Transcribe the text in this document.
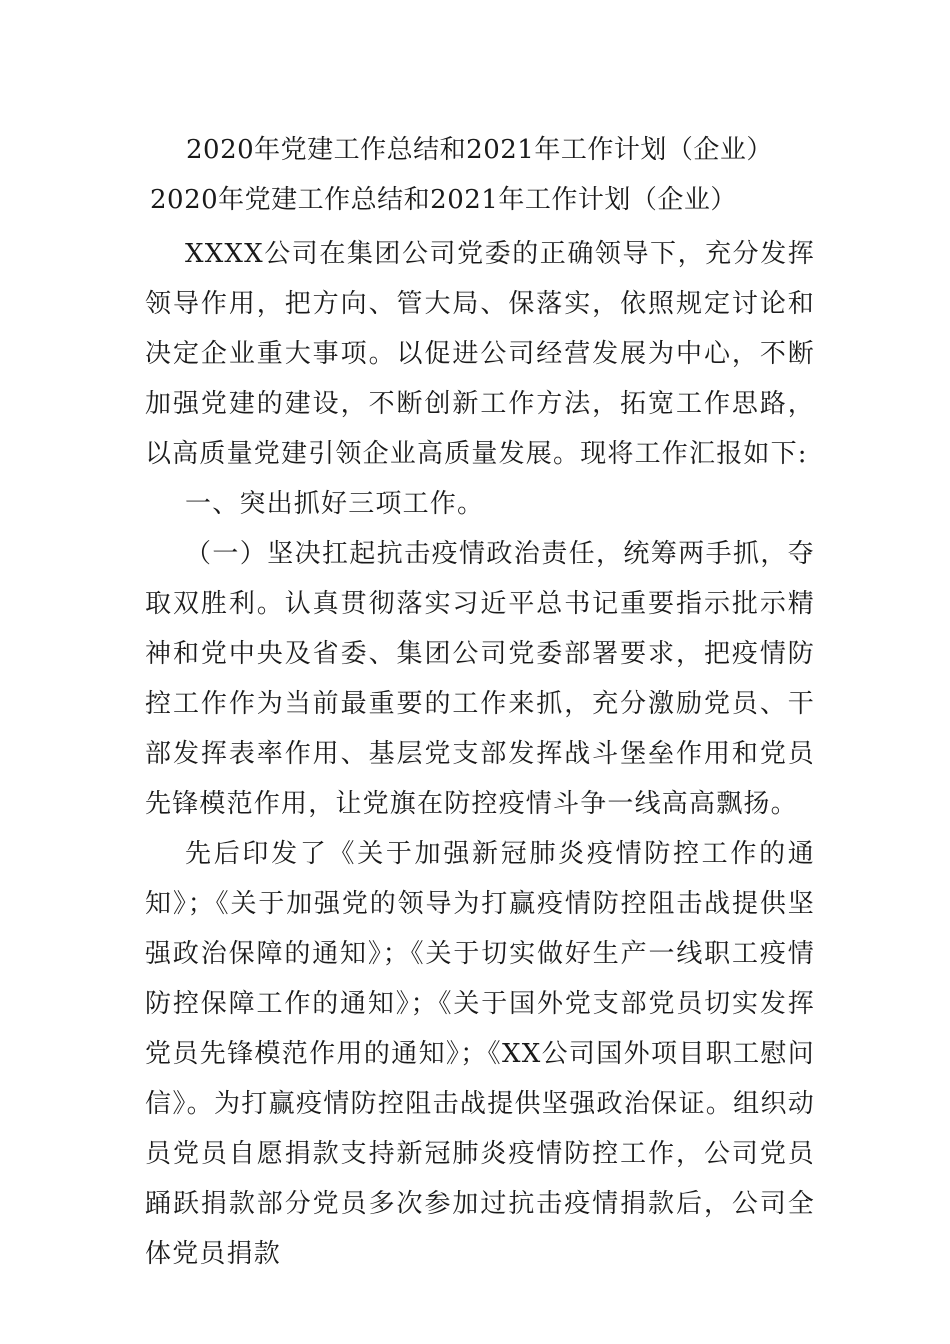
2020年党建工作总结和2021年工作计划（企业）
2020年党建工作总结和2021年工作计划（企业）

XXXX公司在集团公司党委的正确领导下，充分发挥领导作用，把方向、管大局、保落实，依照规定讨论和决定企业重大事项。以促进公司经营发展为中心，不断加强党建的建设，不断创新工作方法，拓宽工作思路，以高质量党建引领企业高质量发展。现将工作汇报如下:

一、突出抓好三项工作。

（一）坚决扛起抗击疫情政治责任，统筹两手抓，夺取双胜利。认真贯彻落实习近平总书记重要指示批示精神和党中央及省委、集团公司党委部署要求，把疫情防控工作作为当前最重要的工作来抓，充分激励党员、干部发挥表率作用、基层党支部发挥战斗堡垒作用和党员先锋模范作用，让党旗在防控疫情斗争一线高高飘扬。

先后印发了《关于加强新冠肺炎疫情防控工作的通知》；《关于加强党的领导为打赢疫情防控阻击战提供坚强政治保障的通知》；《关于切实做好生产一线职工疫情防控保障工作的通知》；《关于国外党支部党员切实发挥党员先锋模范作用的通知》；《XX公司国外项目职工慰问信》。为打赢疫情防控阻击战提供坚强政治保证。组织动员党员自愿捐款支持新冠肺炎疫情防控工作，公司党员踊跃捐款部分党员多次参加过抗击疫情捐款后，公司全体党员捐款
